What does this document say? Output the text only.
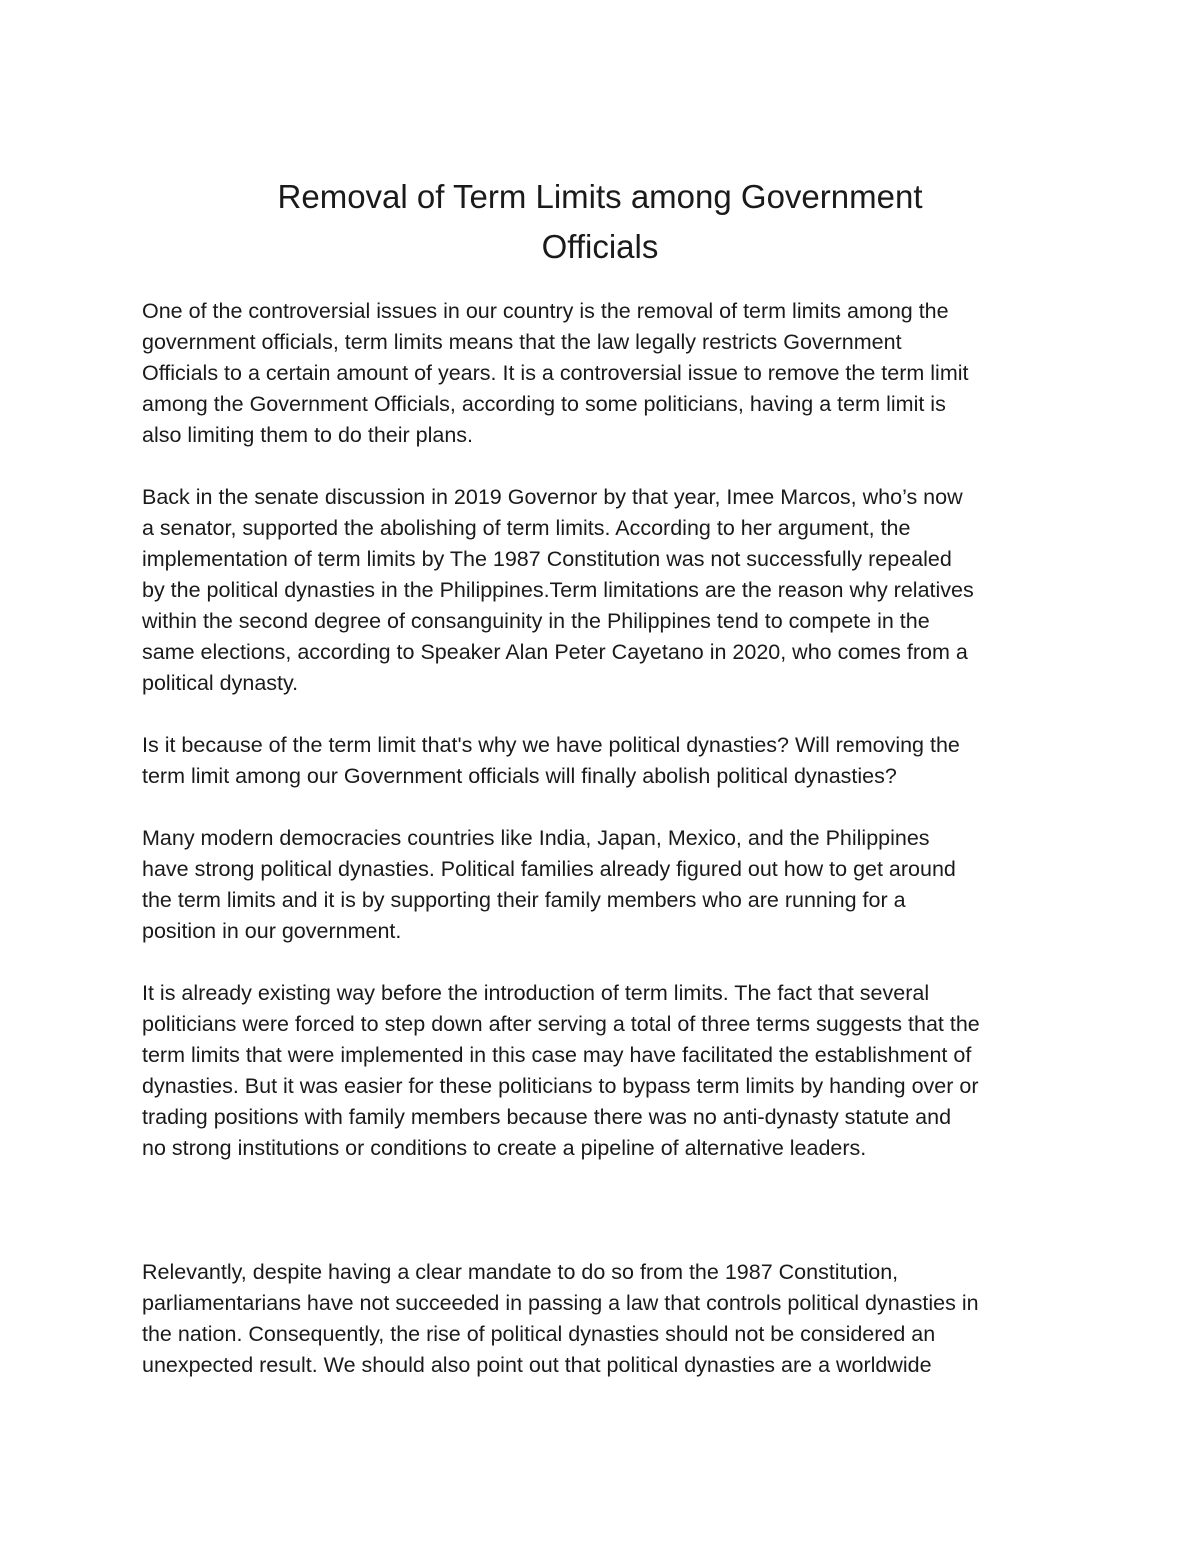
Removal of Term Limits among Government
Officials

One of the controversial issues in our country is the removal of term limits among the
government officials, term limits means that the law legally restricts Government
Officials to a certain amount of years. It is a controversial issue to remove the term limit
among the Government Officials, according to some politicians, having a term limit is
also limiting them to do their plans.

Back in the senate discussion in 2019 Governor by that year, Imee Marcos, who’s now
a senator, supported the abolishing of term limits. According to her argument, the
implementation of term limits by The 1987 Constitution was not successfully repealed
by the political dynasties in the Philippines.Term limitations are the reason why relatives
within the second degree of consanguinity in the Philippines tend to compete in the
same elections, according to Speaker Alan Peter Cayetano in 2020, who comes from a
political dynasty.

Is it because of the term limit that's why we have political dynasties? Will removing the
term limit among our Government officials will finally abolish political dynasties?

Many modern democracies countries like India, Japan, Mexico, and the Philippines
have strong political dynasties. Political families already figured out how to get around
the term limits and it is by supporting their family members who are running for a
position in our government.

It is already existing way before the introduction of term limits. The fact that several
politicians were forced to step down after serving a total of three terms suggests that the
term limits that were implemented in this case may have facilitated the establishment of
dynasties. But it was easier for these politicians to bypass term limits by handing over or
trading positions with family members because there was no anti-dynasty statute and
no strong institutions or conditions to create a pipeline of alternative leaders.

Relevantly, despite having a clear mandate to do so from the 1987 Constitution,
parliamentarians have not succeeded in passing a law that controls political dynasties in
the nation. Consequently, the rise of political dynasties should not be considered an
unexpected result. We should also point out that political dynasties are a worldwide
